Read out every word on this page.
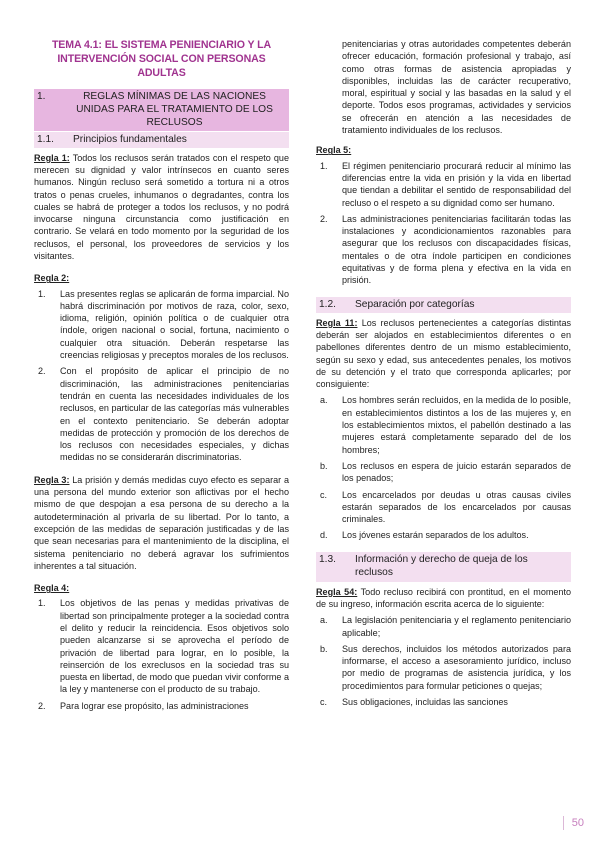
TEMA 4.1: EL SISTEMA PENIENCIARIO Y LA INTERVENCIÓN SOCIAL CON PERSONAS ADULTAS
1.	REGLAS MÍNIMAS DE LAS NACIONES UNIDAS PARA EL TRATAMIENTO DE LOS RECLUSOS
1.1.	Principios fundamentales

Regla 1: Todos los reclusos serán tratados con el respeto que merecen su dignidad y valor intrínsecos en cuanto seres humanos. Ningún recluso será sometido a tortura ni a otros tratos o penas crueles, inhumanos o degradantes, contra los cuales se habrá de proteger a todos los reclusos, y no podrá invocarse ninguna circunstancia como justificación en contrario. Se velará en todo momento por la seguridad de los reclusos, el personal, los proveedores de servicios y los visitantes.

Regla 2:
1.	Las presentes reglas se aplicarán de forma imparcial. No habrá discriminación por motivos de raza, color, sexo, idioma, religión, opinión política o de cualquier otra índole, origen nacional o social, fortuna, nacimiento o cualquier otra situación. Deberán respetarse las creencias religiosas y preceptos morales de los reclusos.
2.	Con el propósito de aplicar el principio de no discriminación, las administraciones penitenciarias tendrán en cuenta las necesidades individuales de los reclusos, en particular de las categorías más vulnerables en el contexto penitenciario. Se deberán adoptar medidas de protección y promoción de los derechos de los reclusos con necesidades especiales, y dichas medidas no se considerarán discriminatorias.

Regla 3: La prisión y demás medidas cuyo efecto es separar a una persona del mundo exterior son aflictivas por el hecho mismo de que despojan a esa persona de su derecho a la autodeterminación al privarla de su libertad. Por lo tanto, a excepción de las medidas de separación justificadas y de las que sean necesarias para el mantenimiento de la disciplina, el sistema penitenciario no deberá agravar los sufrimientos inherentes a tal situación.

Regla 4:
1.	Los objetivos de las penas y medidas privativas de libertad son principalmente proteger a la sociedad contra el delito y reducir la reincidencia. Esos objetivos solo pueden alcanzarse si se aprovecha el período de privación de libertad para lograr, en lo posible, la reinserción de los exreclusos en la sociedad tras su puesta en libertad, de modo que puedan vivir conforme a la ley y mantenerse con el producto de su trabajo.
2.	Para lograr ese propósito, las administraciones
penitenciarias y otras autoridades competentes deberán ofrecer educación, formación profesional y trabajo, así como otras formas de asistencia apropiadas y disponibles, incluidas las de carácter recuperativo, moral, espiritual y social y las basadas en la salud y el deporte. Todos esos programas, actividades y servicios se ofrecerán en atención a las necesidades de tratamiento individuales de los reclusos.
Regla 5:
1.	El régimen penitenciario procurará reducir al mínimo las diferencias entre la vida en prisión y la vida en libertad que tiendan a debilitar el sentido de responsabilidad del recluso o el respeto a su dignidad como ser humano.
2.	Las administraciones penitenciarias facilitarán todas las instalaciones y acondicionamientos razonables para asegurar que los reclusos con discapacidades físicas, mentales o de otra índole participen en condiciones equitativas y de forma plena y efectiva en la vida en prisión.
1.2.	Separación por categorías

Regla 11: Los reclusos pertenecientes a categorías distintas deberán ser alojados en establecimientos diferentes o en pabellones diferentes dentro de un mismo establecimiento, según su sexo y edad, sus antecedentes penales, los motivos de su detención y el trato que corresponda aplicarles; por consiguiente:

a.	Los hombres serán recluidos, en la medida de lo posible, en establecimientos distintos a los de las mujeres y, en los establecimientos mixtos, el pabellón destinado a las mujeres estará completamente separado del de los hombres;
b.	Los reclusos en espera de juicio estarán separados de los penados;
c.	Los encarcelados por deudas u otras causas civiles estarán separados de los encarcelados por causas criminales.
d.	Los jóvenes estarán separados de los adultos.
1.3.	Información y derecho de queja de los reclusos

Regla 54: Todo recluso recibirá con prontitud, en el momento de su ingreso, información escrita acerca de lo siguiente:

a.	La legislación penitenciaria y el reglamento penitenciario aplicable;
b.	Sus derechos, incluidos los métodos autorizados para informarse, el acceso a asesoramiento jurídico, incluso por medio de programas de asistencia jurídica, y los procedimientos para formular peticiones o quejas;
c.	Sus obligaciones, incluidas las sanciones
50
